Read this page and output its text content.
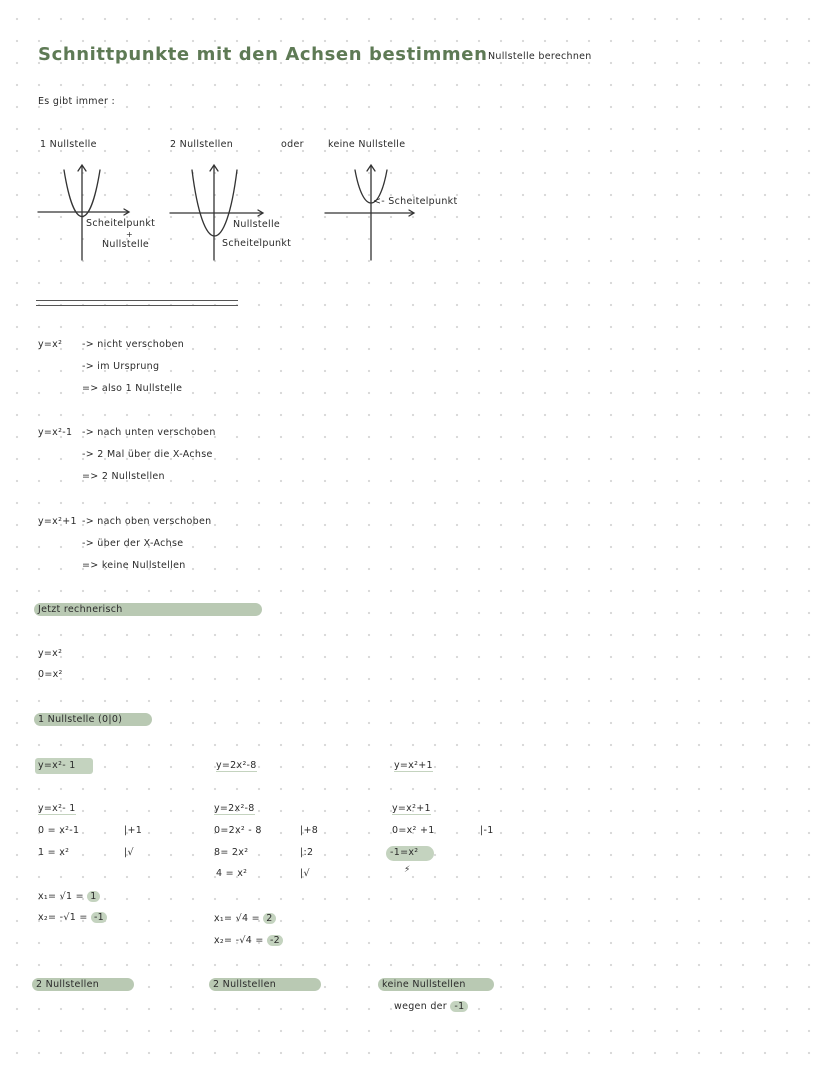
Schnittpunkte mit den Achsen bestimmen Nullstelle berechnen
Es gibt immer :
1 Nullstelle	2 Nullstellen	oder	keine Nullstelle
Scheitelpunkt
+
Nullstelle
Nullstelle
Scheitelpunkt
<- Scheitelpunkt
y=x² -> nicht verschoben
-> im Ursprung
=> also 1 Nullstelle
y=x²-1 -> nach unten verschoben
-> 2 Mal über die X-Achse
=> 2 Nullstellen
y=x²+1 -> nach oben verschoben
-> über der X-Achse
=> keine Nullstellen
Jetzt rechnerisch
y=x²
0=x²
1 Nullstelle (0|0)
y=x²- 1
y=x²- 1
0 = x²-1	|+1
1 = x²	|√
x₁= √1 = 1
x₂= -√1 = -1
2 Nullstellen
y=2x²-8
y=2x²-8
0=2x² - 8	|+8
8= 2x²	|:2
4 = x²	|√
x₁= √4 = 2
x₂= -√4 = -2
2 Nullstellen
y=x²+1
y=x²+1
0=x² +1	|-1
-1=x²
⚡
keine Nullstellen
wegen der -1
